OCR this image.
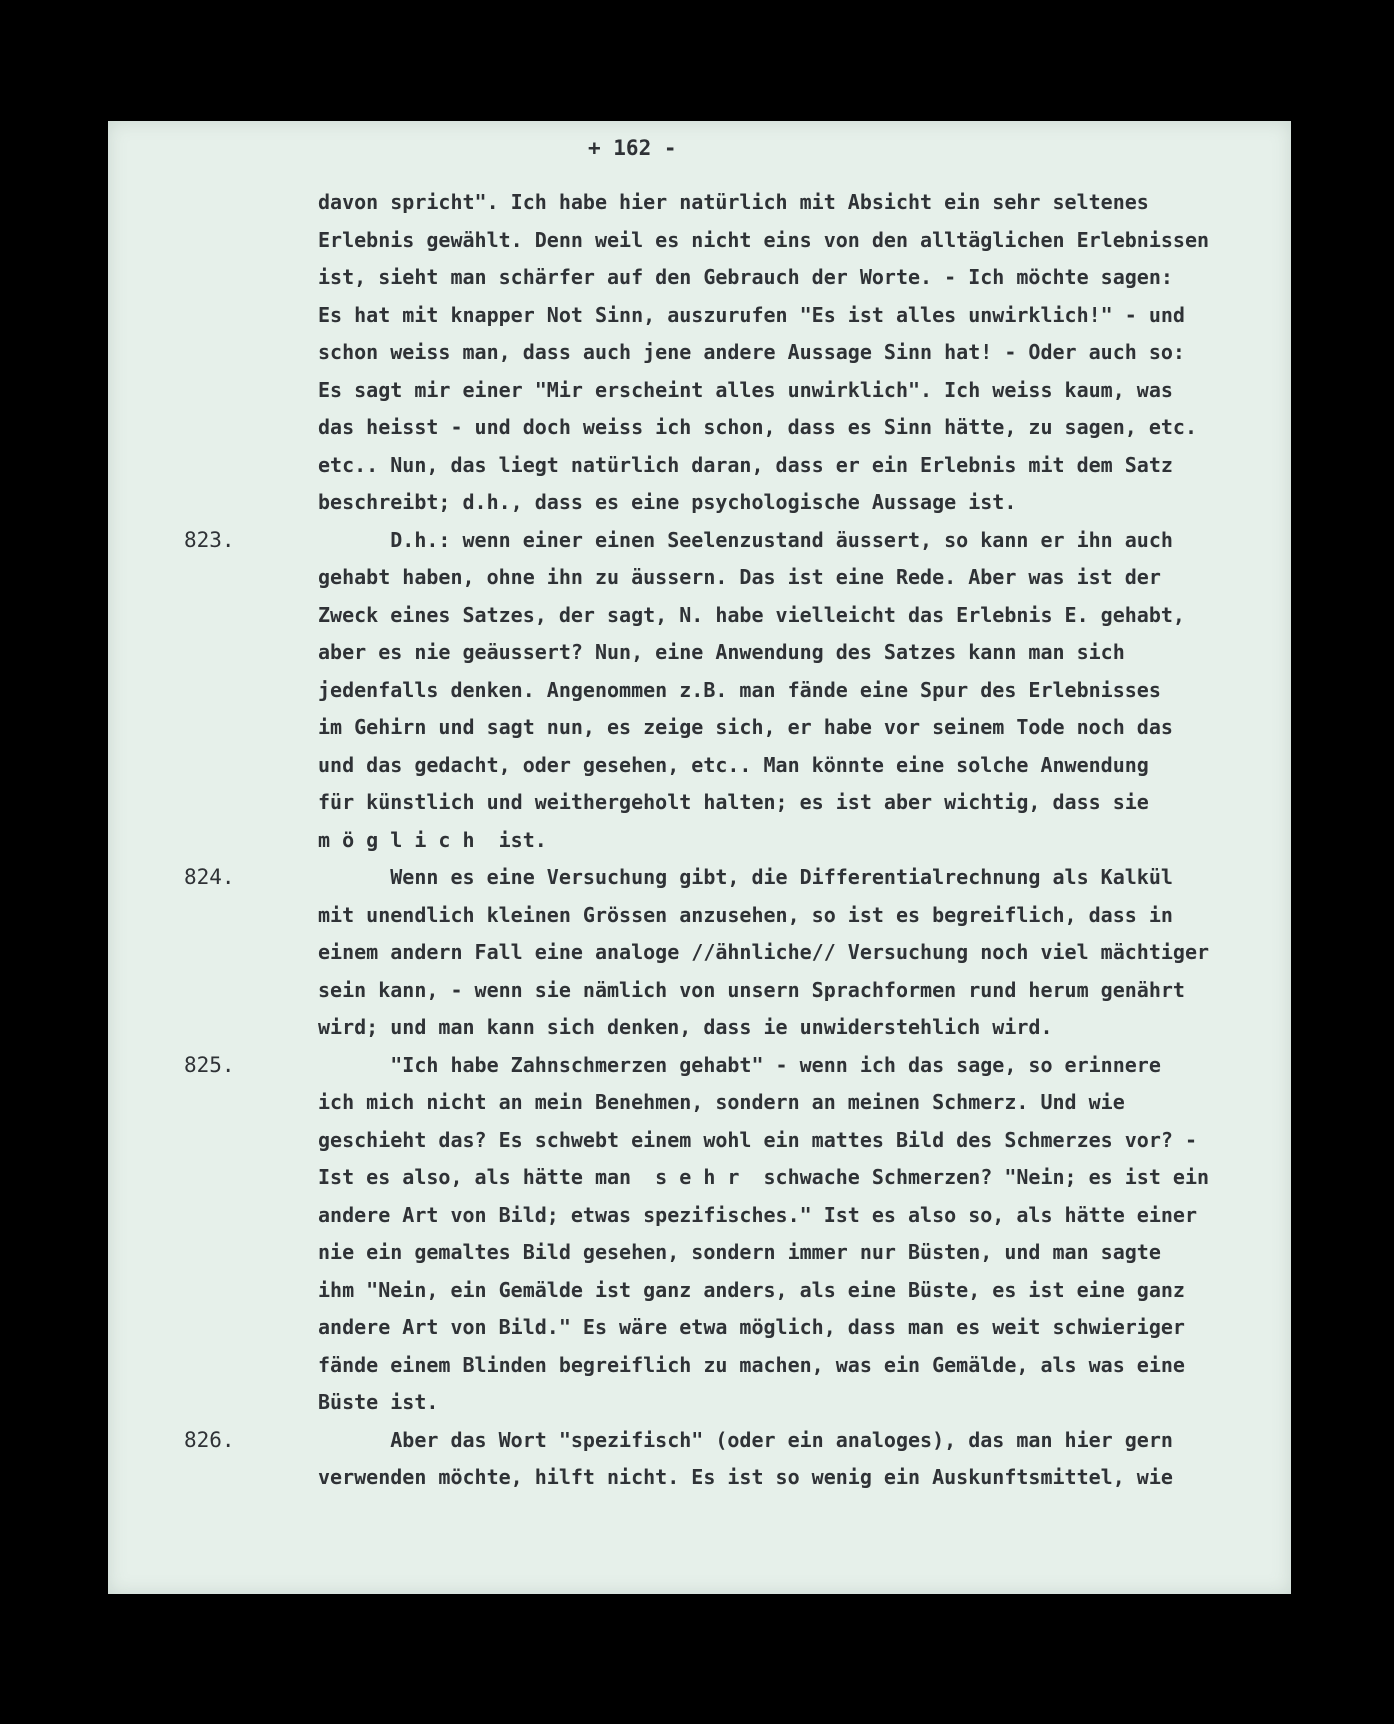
+ 162 -
davon spricht". Ich habe hier natürlich mit Absicht ein sehr seltenes
Erlebnis gewählt. Denn weil es nicht eins von den alltäglichen Erlebnissen
ist, sieht man schärfer auf den Gebrauch der Worte. - Ich möchte sagen:
Es hat mit knapper Not Sinn, auszurufen "Es ist alles unwirklich!" - und
schon weiss man, dass auch jene andere Aussage Sinn hat! - Oder auch so:
Es sagt mir einer "Mir erscheint alles unwirklich". Ich weiss kaum, was
das heisst - und doch weiss ich schon, dass es Sinn hätte, zu sagen, etc.
etc.. Nun, das liegt natürlich daran, dass er ein Erlebnis mit dem Satz
beschreibt; d.h., dass es eine psychologische Aussage ist.
D.h.: wenn einer einen Seelenzustand äussert, so kann er ihn auch
gehabt haben, ohne ihn zu äussern. Das ist eine Rede. Aber was ist der
Zweck eines Satzes, der sagt, N. habe vielleicht das Erlebnis E. gehabt,
aber es nie geäussert? Nun, eine Anwendung des Satzes kann man sich
jedenfalls denken. Angenommen z.B. man fände eine Spur des Erlebnisses
im Gehirn und sagt nun, es zeige sich, er habe vor seinem Tode noch das
und das gedacht, oder gesehen, etc.. Man könnte eine solche Anwendung
für künstlich und weithergeholt halten; es ist aber wichtig, dass sie
m ö g l i c h  ist.
Wenn es eine Versuchung gibt, die Differentialrechnung als Kalkül
mit unendlich kleinen Grössen anzusehen, so ist es begreiflich, dass in
einem andern Fall eine analoge //ähnliche// Versuchung noch viel mächtiger
sein kann, - wenn sie nämlich von unsern Sprachformen rund herum genährt
wird; und man kann sich denken, dass ie unwiderstehlich wird.
"Ich habe Zahnschmerzen gehabt" - wenn ich das sage, so erinnere
ich mich nicht an mein Benehmen, sondern an meinen Schmerz. Und wie
geschieht das? Es schwebt einem wohl ein mattes Bild des Schmerzes vor? -
Ist es also, als hätte man  s e h r  schwache Schmerzen? "Nein; es ist ein
andere Art von Bild; etwas spezifisches." Ist es also so, als hätte einer
nie ein gemaltes Bild gesehen, sondern immer nur Büsten, und man sagte
ihm "Nein, ein Gemälde ist ganz anders, als eine Büste, es ist eine ganz
andere Art von Bild." Es wäre etwa möglich, dass man es weit schwieriger
fände einem Blinden begreiflich zu machen, was ein Gemälde, als was eine
Büste ist.
Aber das Wort "spezifisch" (oder ein analoges), das man hier gern
verwenden möchte, hilft nicht. Es ist so wenig ein Auskunftsmittel, wie
823.
824.
825.
826.
